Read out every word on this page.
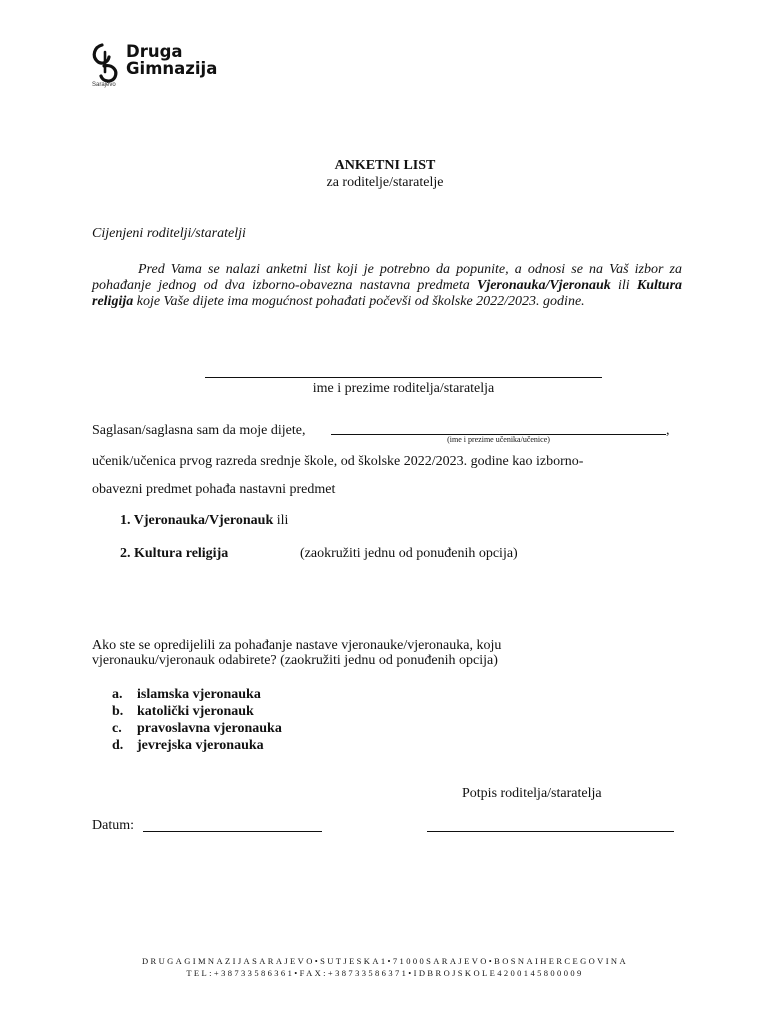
Druga
Gimnazija
Sarajevo
ANKETNI LIST
za roditelje/staratelje
Cijenjeni roditelji/staratelji

Pred Vama se nalazi anketni list koji je potrebno da popunite, a odnosi se na Vaš izbor za pohađanje jednog od dva izborno-obavezna nastavna predmeta Vjeronauka/Vjeronauk ili Kultura religija koje Vaše dijete ima mogućnost pohađati počevši od školske 2022/2023. godine.

ime i prezime roditelja/staratelja
Saglasan/saglasna sam da moje dijete,	,
(ime i prezime učenika/učenice)
učenik/učenica prvog razreda srednje škole, od školske 2022/2023. godine kao izborno-
obavezni predmet pohađa nastavni predmet
1. Vjeronauka/Vjeronauk ili
2. Kultura religija	(zaokružiti jednu od ponuđenih opcija)

Ako ste se opredijelili za pohađanje nastave vjeronauke/vjeronauka, koju vjeronauku/vjeronauk odabirete? (zaokružiti jednu od ponuđenih opcija)

a.	islamska vjeronauka
b. katolički vjeronauk
c.	pravoslavna vjeronauka
d. jevrejska vjeronauka
Potpis roditelja/staratelja
Datum:
DRUGAGIMNAZIJASARAJEVO•SUTJESKA1•71000SARAJEVO•BOSNAIHERCEGOVINA
TEL:+38733586361•FAX:+38733586371•IDBROJSKOLE4200145800009
